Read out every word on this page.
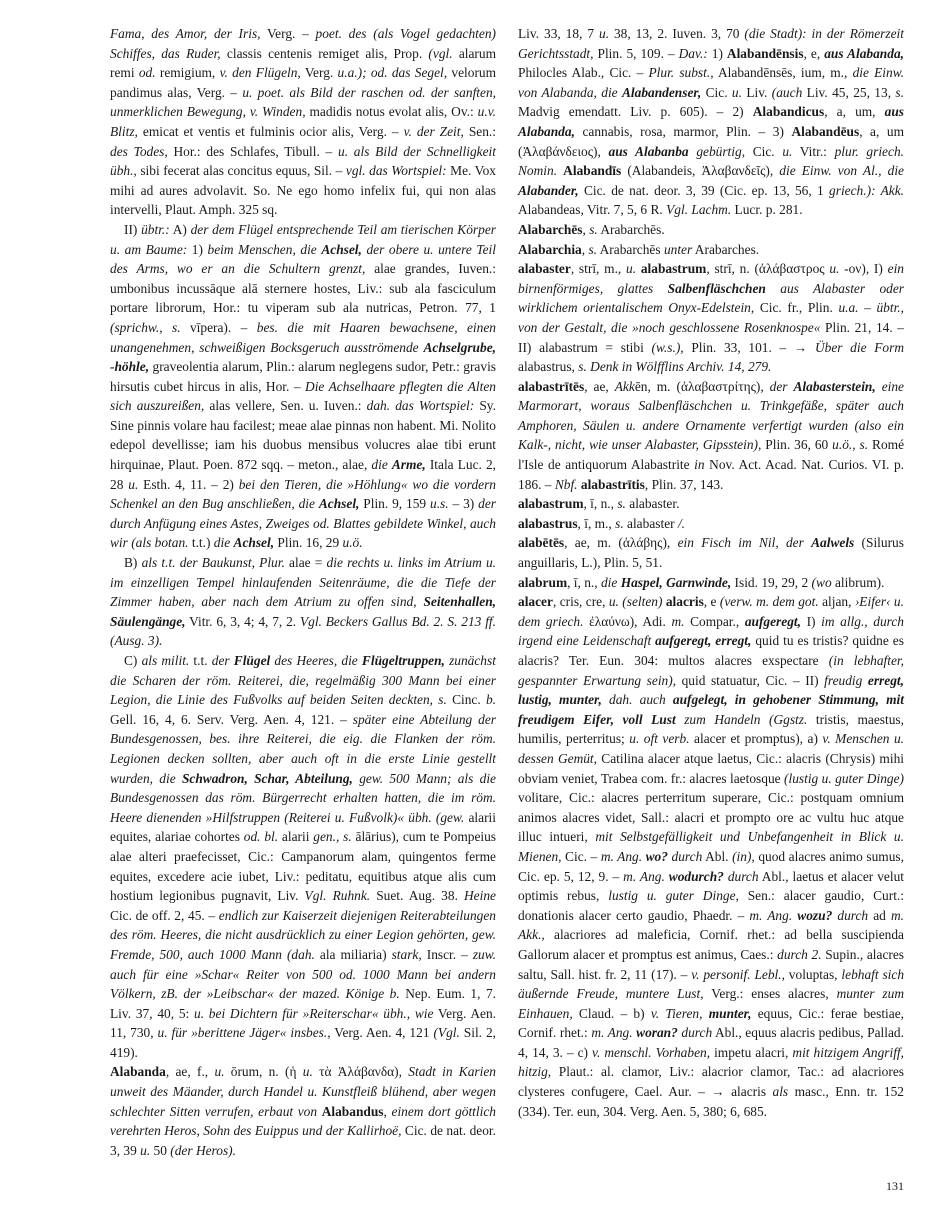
Fama, des Amor, der Iris, Verg. – poet. des (als Vogel gedachten) Schiffes, das Ruder, classis centenis remiget alis, Prop. (vgl. alarum remi od. remigium, v. den Flügeln, Verg. u.a.); od. das Segel, velorum pandimus alas, Verg. – u. poet. als Bild der raschen od. der sanften, unmerklichen Bewegung, v. Winden, madidis notus evolat alis, Ov.: u.v. Blitz, emicat et ventis et fulminis ocior alis, Verg. – v. der Zeit, Sen.: des Todes, Hor.: des Schlafes, Tibull. – u. als Bild der Schnelligkeit übh., sibi fecerat alas concitus equus, Sil. – vgl. das Wortspiel: Me. Vox mihi ad aures advolavit. So. Ne ego homo infelix fui, qui non alas intervelli, Plaut. Amph. 325 sq.

II) übtr.: A) der dem Flügel entsprechende Teil am tierischen Körper u. am Baume: 1) beim Menschen, die Achsel, der obere u. untere Teil des Arms, wo er an die Schultern grenzt, alae grandes, Iuven.: umbonibus incussāque alā sternere hostes, Liv.: sub ala fasciculum portare librorum, Hor.: tu viperam sub ala nutricas, Petron. 77, 1 (sprichw., s. vīpera). – bes. die mit Haaren bewachsene, einen unangenehmen, schweißigen Bocksgeruch ausströmende Achselgrube, -höhle, graveolentia alarum, Plin.: alarum neglegens sudor, Petr.: gravis hirsutis cubet hircus in alis, Hor. – Die Achselhaare pflegten die Alten sich auszureißen, alas vellere, Sen. u. Iuven.: dah. das Wortspiel: Sy. Sine pinnis volare hau facilest; meae alae pinnas non habent. Mi. Nolito edepol devellisse; iam his duobus mensibus volucres alae tibi erunt hirquinae, Plaut. Poen. 872 sqq. – meton., alae, die Arme, Itala Luc. 2, 28 u. Esth. 4, 11. – 2) bei den Tieren, die »Höhlung« wo die vordern Schenkel an den Bug anschließen, die Achsel, Plin. 9, 159 u.s. – 3) der durch Anfügung eines Astes, Zweiges od. Blattes gebildete Winkel, auch wir (als botan. t.t.) die Achsel, Plin. 16, 29 u.ö.

B) als t.t. der Baukunst, Plur. alae = die rechts u. links im Atrium u. im einzelligen Tempel hinlaufenden Seitenräume, die die Tiefe der Zimmer haben, aber nach dem Atrium zu offen sind, Seitenhallen, Säulengänge, Vitr. 6, 3, 4; 4, 7, 2. Vgl. Beckers Gallus Bd. 2. S. 213 ff. (Ausg. 3).

C) als milit. t.t. der Flügel des Heeres, die Flügeltruppen, zunächst die Scharen der röm. Reiterei, die, regelmäßig 300 Mann bei einer Legion, die Linie des Fußvolks auf beiden Seiten deckten, s. Cinc. b. Gell. 16, 4, 6. Serv. Verg. Aen. 4, 121. – später eine Abteilung der Bundesgenossen, bes. ihre Reiterei, die eig. die Flanken der röm. Legionen decken sollten, aber auch oft in die erste Linie gestellt wurden, die Schwadron, Schar, Abteilung, gew. 500 Mann; als die Bundesgenossen das röm. Bürgerrecht erhalten hatten, die im röm. Heere dienenden »Hilfstruppen (Reiterei u. Fußvolk)« übh. (gew. alarii equites, alariae cohortes od. bl. alarii gen., s. ālārius), cum te Pompeius alae alteri praefecisset, Cic.: Campanorum alam, quingentos ferme equites, excedere acie iubet, Liv.: peditatu, equitibus atque alis cum hostium legionibus pugnavit, Liv. Vgl. Ruhnk. Suet. Aug. 38. Heine Cic. de off. 2, 45. – endlich zur Kaiserzeit diejenigen Reiterabteilungen des röm. Heeres, die nicht ausdrücklich zu einer Legion gehörten, gew. Fremde, 500, auch 1000 Mann (dah. ala miliaria) stark, Inscr. – zuw. auch für eine »Schar« Reiter von 500 od. 1000 Mann bei andern Völkern, zB. der »Leibschar« der mazed. Könige b. Nep. Eum. 1, 7. Liv. 37, 40, 5: u. bei Dichtern für »Reiterschar« übh., wie Verg. Aen. 11, 730, u. für »berittene Jäger« insbes., Verg. Aen. 4, 121 (Vgl. Sil. 2, 419).

Alabanda, ae, f., u. ōrum, n. (ἡ u. τὰ Ἀλάβανδα), Stadt in Karien unweit des Mäander, durch Handel u. Kunstfleiß blühend, aber wegen schlechter Sitten verrufen, erbaut von Alabandus, einem dort göttlich verehrten Heros, Sohn des Euippus und der Kallirhoë, Cic. de nat. deor. 3, 39 u. 50 (der Heros).

Liv. 33, 18, 7 u. 38, 13, 2. Iuven. 3, 70 (die Stadt): in der Römerzeit Gerichtsstadt, Plin. 5, 109. – Dav.: 1) Alabandēnsis, e, aus Alabanda, Philocles Alab., Cic. – Plur. subst., Alabandēnsēs, ium, m., die Einw. von Alabanda, die Alabandenser, Cic. u. Liv. (auch Liv. 45, 25, 13, s. Madvig emendatt. Liv. p. 605). – 2) Alabandicus, a, um, aus Alabanda, cannabis, rosa, marmor, Plin. – 3) Alabandēus, a, um (Ἀλαβάνδειος), aus Alabanba gebürtig, Cic. u. Vitr.: plur. griech. Nomin. Alabandīs (Alabandeis, Ἀλαβανδεῖς), die Einw. von Al., die Alabander, Cic. de nat. deor. 3, 39 (Cic. ep. 13, 56, 1 griech.): Akk. Alabandeas, Vitr. 7, 5, 6 R. Vgl. Lachm. Lucr. p. 281.

Alabarchēs, s. Arabarchēs.

Alabarchia, s. Arabarchēs unter Arabarches.

alabaster, strī, m., u. alabastrum, strī, n. (ἀλάβαστρος u. -ον), I) ein birnenförmiges, glattes Salbenfläschchen aus Alabaster oder wirklichem orientalischem Onyx-Edelstein, Cic. fr., Plin. u.a. – übtr., von der Gestalt, die »noch geschlossene Rosenknospe« Plin. 21, 14. – II) alabastrum = stibi (w.s.), Plin. 33, 101. – → Über die Form alabastrus, s. Denk in Wölfflins Archiv. 14, 279.

alabastrītēs, ae, Akkēn, m. (ἀλαβαστρίτης), der Alabasterstein, eine Marmorart, woraus Salbenfläschchen u. Trinkgefäße, später auch Amphoren, Säulen u. andere Ornamente verfertigt wurden (also ein Kalk-, nicht, wie unser Alabaster, Gipsstein), Plin. 36, 60 u.ö., s. Romé l'Isle de antiquorum Alabastrite in Nov. Act. Acad. Nat. Curios. VI. p. 186. – Nbf. alabastrītis, Plin. 37, 143.

alabastrum, ī, n., s. alabaster.

alabastrus, ī, m., s. alabaster /.

alabētēs, ae, m. (ἀλάβης), ein Fisch im Nil, der Aalwels (Silurus anguillaris, L.), Plin. 5, 51.

alabrum, ī, n., die Haspel, Garnwinde, Isid. 19, 29, 2 (wo alibrum).

alacer, cris, cre, u. (selten) alacris, e (verw. m. dem got. aljan, ›Eifer‹ u. dem griech. ἐλαύνω), Adi. m. Compar., aufgeregt, I) im allg., durch irgend eine Leidenschaft aufgeregt, erregt, quid tu es tristis? quidne es alacris? Ter. Eun. 304: multos alacres exspectare (in lebhafter, gespannter Erwartung sein), quid statuatur, Cic. – II) freudig erregt, lustig, munter, dah. auch aufgelegt, in gehobener Stimmung, mit freudigem Eifer, voll Lust zum Handeln (Ggstz. tristis, maestus, humilis, perterritus; u. oft verb. alacer et promptus), a) v. Menschen u. dessen Gemüt, Catilina alacer atque laetus, Cic.: alacris (Chrysis) mihi obviam veniet, Trabea com. fr.: alacres laetosque (lustig u. guter Dinge) volitare, Cic.: alacres perterritum superare, Cic.: postquam omnium animos alacres videt, Sall.: alacri et prompto ore ac vultu huc atque illuc intueri, mit Selbstgefälligkeit und Unbefangenheit in Blick u. Mienen, Cic. – m. Ang. wo? durch Abl. (in), quod alacres animo sumus, Cic. ep. 5, 12, 9. – m. Ang. wodurch? durch Abl., laetus et alacer velut optimis rebus, lustig u. guter Dinge, Sen.: alacer gaudio, Curt.: donationis alacer certo gaudio, Phaedr. – m. Ang. wozu? durch ad m. Akk., alacriores ad maleficia, Cornif. rhet.: ad bella suscipienda Gallorum alacer et promptus est animus, Caes.: durch 2. Supin., alacres saltu, Sall. hist. fr. 2, 11 (17). – v. personif. Lebl., voluptas, lebhaft sich äußernde Freude, muntere Lust, Verg.: enses alacres, munter zum Einhauen, Claud. – b) v. Tieren, munter, equus, Cic.: ferae bestiae, Cornif. rhet.: m. Ang. woran? durch Abl., equus alacris pedibus, Pallad. 4, 14, 3. – c) v. menschl. Vorhaben, impetu alacri, mit hitzigem Angriff, hitzig, Plaut.: al. clamor, Liv.: alacrior clamor, Tac.: ad alacriores clysteres confugere, Cael. Aur. – → alacris als masc., Enn. tr. 152 (334). Ter. eun, 304. Verg. Aen. 5, 380; 6, 685.

131
